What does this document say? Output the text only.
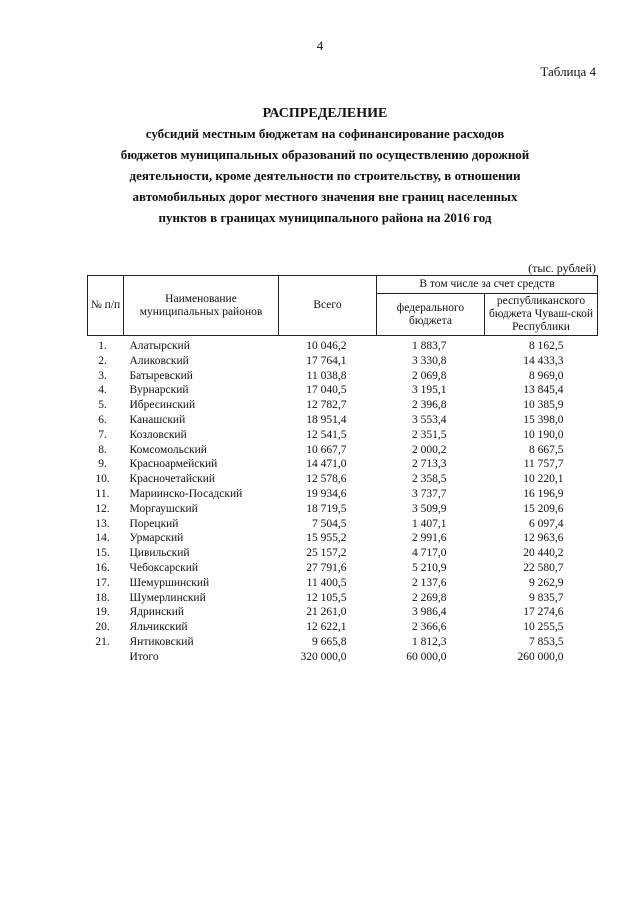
4
Таблица 4
РАСПРЕДЕЛЕНИЕ
субсидий местным бюджетам на софинансирование расходов
бюджетов муниципальных образований по осуществлению дорожной
деятельности, кроме деятельности по строительству, в отношении
автомобильных дорог местного значения вне границ населенных
пунктов в границах муниципального района на 2016 год
(тыс. рублей)
№ п/п	Наименование муниципальных районов	Всего	В том числе за счет средств	
			федерального бюджета	республиканского бюджета Чуваш-ской Республики
1.	Алатырский	10 046,2	1 883,7	8 162,5
2.	Аликовский	17 764,1	3 330,8	14 433,3
3.	Батыревский	11 038,8	2 069,8	8 969,0
4.	Вурнарский	17 040,5	3 195,1	13 845,4
5.	Ибресинский	12 782,7	2 396,8	10 385,9
6.	Канашский	18 951,4	3 553,4	15 398,0
7.	Козловский	12 541,5	2 351,5	10 190,0
8.	Комсомольский	10 667,7	2 000,2	8 667,5
9.	Красноармейский	14 471,0	2 713,3	11 757,7
10.	Красночетайский	12 578,6	2 358,5	10 220,1
11.	Мариинско-Посадский	19 934,6	3 737,7	16 196,9
12.	Моргаушский	18 719,5	3 509,9	15 209,6
13.	Порецкий	7 504,5	1 407,1	6 097,4
14.	Урмарский	15 955,2	2 991,6	12 963,6
15.	Цивильский	25 157,2	4 717,0	20 440,2
16.	Чебоксарский	27 791,6	5 210,9	22 580,7
17.	Шемуршинский	11 400,5	2 137,6	9 262,9
18.	Шумерлинский	12 105,5	2 269,8	9 835,7
19.	Ядринский	21 261,0	3 986,4	17 274,6
20.	Яльчикский	12 622,1	2 366,6	10 255,5
21.	Янтиковский	9 665,8	1 812,3	7 853,5
	Итого	320 000,0	60 000,0	260 000,0
